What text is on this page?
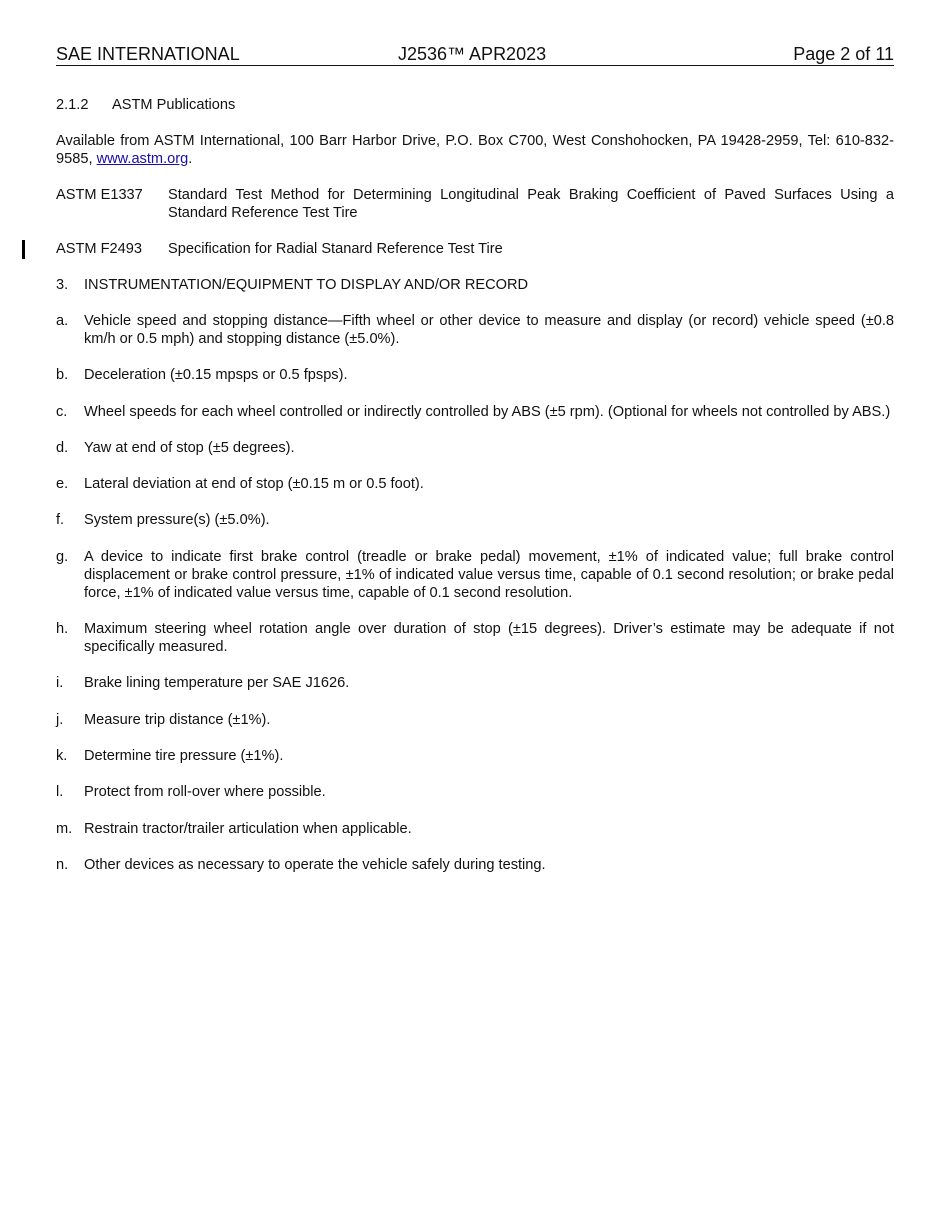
SAE INTERNATIONAL	J2536™ APR2023	Page 2 of 11
2.1.2	ASTM Publications

Available from ASTM International, 100 Barr Harbor Drive, P.O. Box C700, West Conshohocken, PA 19428-2959, Tel: 610-832-9585, www.astm.org.

ASTM E1337	Standard Test Method for Determining Longitudinal Peak Braking Coefficient of Paved Surfaces Using a Standard Reference Test Tire
ASTM F2493	Specification for Radial Stanard Reference Test Tire
3.	INSTRUMENTATION/EQUIPMENT TO DISPLAY AND/OR RECORD
a.	Vehicle speed and stopping distance—Fifth wheel or other device to measure and display (or record) vehicle speed (±0.8 km/h or 0.5 mph) and stopping distance (±5.0%).
b.	Deceleration (±0.15 mpsps or 0.5 fpsps).
c.	Wheel speeds for each wheel controlled or indirectly controlled by ABS (±5 rpm). (Optional for wheels not controlled by ABS.)
d.	Yaw at end of stop (±5 degrees).
e.	Lateral deviation at end of stop (±0.15 m or 0.5 foot).
f.	System pressure(s) (±5.0%).
g.	A device to indicate first brake control (treadle or brake pedal) movement, ±1% of indicated value; full brake control displacement or brake control pressure, ±1% of indicated value versus time, capable of 0.1 second resolution; or brake pedal force, ±1% of indicated value versus time, capable of 0.1 second resolution.
h.	Maximum steering wheel rotation angle over duration of stop (±15 degrees). Driver’s estimate may be adequate if not specifically measured.
i.	Brake lining temperature per SAE J1626.
j.	Measure trip distance (±1%).
k.	Determine tire pressure (±1%).
l.	Protect from roll-over where possible.
m. Restrain tractor/trailer articulation when applicable.
n.	Other devices as necessary to operate the vehicle safely during testing.
